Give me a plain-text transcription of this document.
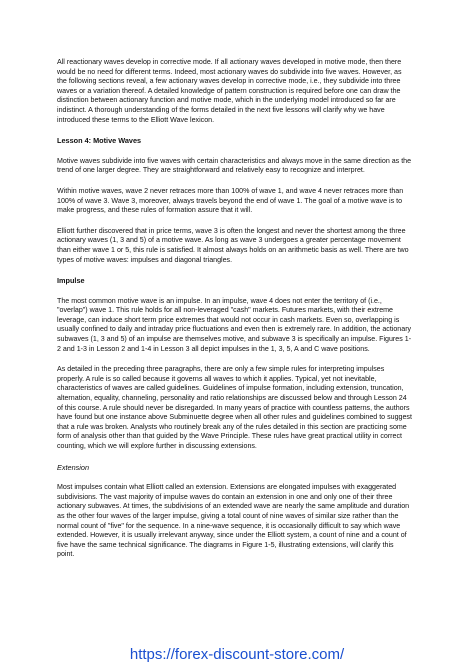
All reactionary waves develop in corrective mode. If all actionary waves developed in motive mode, then there would be no need for different terms. Indeed, most actionary waves do subdivide into five waves. However, as the following sections reveal, a few actionary waves develop in corrective mode, i.e., they subdivide into three waves or a variation thereof. A detailed knowledge of pattern construction is required before one can draw the distinction between actionary function and motive mode, which in the underlying model introduced so far are indistinct. A thorough understanding of the forms detailed in the next five lessons will clarify why we have introduced these terms to the Elliott Wave lexicon.

Lesson 4: Motive Waves

Motive waves subdivide into five waves with certain characteristics and always move in the same direction as the trend of one larger degree. They are straightforward and relatively easy to recognize and interpret.

Within motive waves, wave 2 never retraces more than 100% of wave 1, and wave 4 never retraces more than 100% of wave 3. Wave 3, moreover, always travels beyond the end of wave 1. The goal of a motive wave is to make progress, and these rules of formation assure that it will.

Elliott further discovered that in price terms, wave 3 is often the longest and never the shortest among the three actionary waves (1, 3 and 5) of a motive wave. As long as wave 3 undergoes a greater percentage movement than either wave 1 or 5, this rule is satisfied. It almost always holds on an arithmetic basis as well. There are two types of motive waves: impulses and diagonal triangles.

Impulse

The most common motive wave is an impulse. In an impulse, wave 4 does not enter the territory of (i.e., "overlap") wave 1. This rule holds for all non-leveraged "cash" markets. Futures markets, with their extreme leverage, can induce short term price extremes that would not occur in cash markets. Even so, overlapping is usually confined to daily and intraday price fluctuations and even then is extremely rare. In addition, the actionary subwaves (1, 3 and 5) of an impulse are themselves motive, and subwave 3 is specifically an impulse. Figures 1-2 and 1-3 in Lesson 2 and 1-4 in Lesson 3 all depict impulses in the 1, 3, 5, A and C wave positions.

As detailed in the preceding three paragraphs, there are only a few simple rules for interpreting impulses properly. A rule is so called because it governs all waves to which it applies. Typical, yet not inevitable, characteristics of waves are called guidelines. Guidelines of impulse formation, including extension, truncation, alternation, equality, channeling, personality and ratio relationships are discussed below and through Lesson 24 of this course. A rule should never be disregarded. In many years of practice with countless patterns, the authors have found but one instance above Subminuette degree when all other rules and guidelines combined to suggest that a rule was broken. Analysts who routinely break any of the rules detailed in this section are practicing some form of analysis other than that guided by the Wave Principle. These rules have great practical utility in correct counting, which we will explore further in discussing extensions.

Extension

Most impulses contain what Elliott called an extension. Extensions are elongated impulses with exaggerated subdivisions. The vast majority of impulse waves do contain an extension in one and only one of their three actionary subwaves. At times, the subdivisions of an extended wave are nearly the same amplitude and duration as the other four waves of the larger impulse, giving a total count of nine waves of similar size rather than the normal count of "five" for the sequence. In a nine-wave sequence, it is occasionally difficult to say which wave extended. However, it is usually irrelevant anyway, since under the Elliott system, a count of nine and a count of five have the same technical significance. The diagrams in Figure 1-5, illustrating extensions, will clarify this point.

https://forex-discount-store.com/
